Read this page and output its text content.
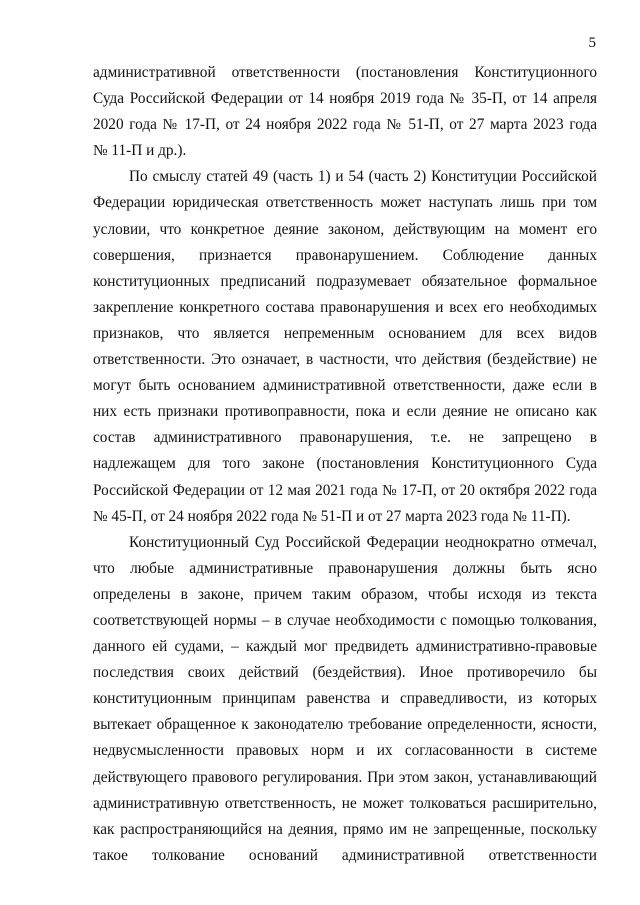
5
административной ответственности (постановления Конституционного
Суда Российской Федерации от 14 ноября 2019 года № 35-П, от 14 апреля
2020 года № 17-П, от 24 ноября 2022 года № 51-П, от 27 марта 2023 года
№ 11-П и др.).
По смыслу статей 49 (часть 1) и 54 (часть 2) Конституции Российской
Федерации юридическая ответственность может наступать лишь при том
условии, что конкретное деяние законом, действующим на момент его
совершения, признается правонарушением. Соблюдение данных
конституционных предписаний подразумевает обязательное формальное
закрепление конкретного состава правонарушения и всех его необходимых
признаков, что является непременным основанием для всех видов
ответственности. Это означает, в частности, что действия (бездействие) не
могут быть основанием административной ответственности, даже если в
них есть признаки противоправности, пока и если деяние не описано как
состав административного правонарушения, т.е. не запрещено в
надлежащем для того законе (постановления Конституционного Суда
Российской Федерации от 12 мая 2021 года № 17-П, от 20 октября 2022 года
№ 45-П, от 24 ноября 2022 года № 51-П и от 27 марта 2023 года № 11-П).
Конституционный Суд Российской Федерации неоднократно отмечал,
что любые административные правонарушения должны быть ясно
определены в законе, причем таким образом, чтобы исходя из текста
соответствующей нормы – в случае необходимости с помощью толкования,
данного ей судами, – каждый мог предвидеть административно-правовые
последствия своих действий (бездействия). Иное противоречило бы
конституционным принципам равенства и справедливости, из которых
вытекает обращенное к законодателю требование определенности, ясности,
недвусмысленности правовых норм и их согласованности в системе
действующего правового регулирования. При этом закон, устанавливающий
административную ответственность, не может толковаться расширительно,
как распространяющийся на деяния, прямо им не запрещенные, поскольку
такое толкование оснований административной ответственности
